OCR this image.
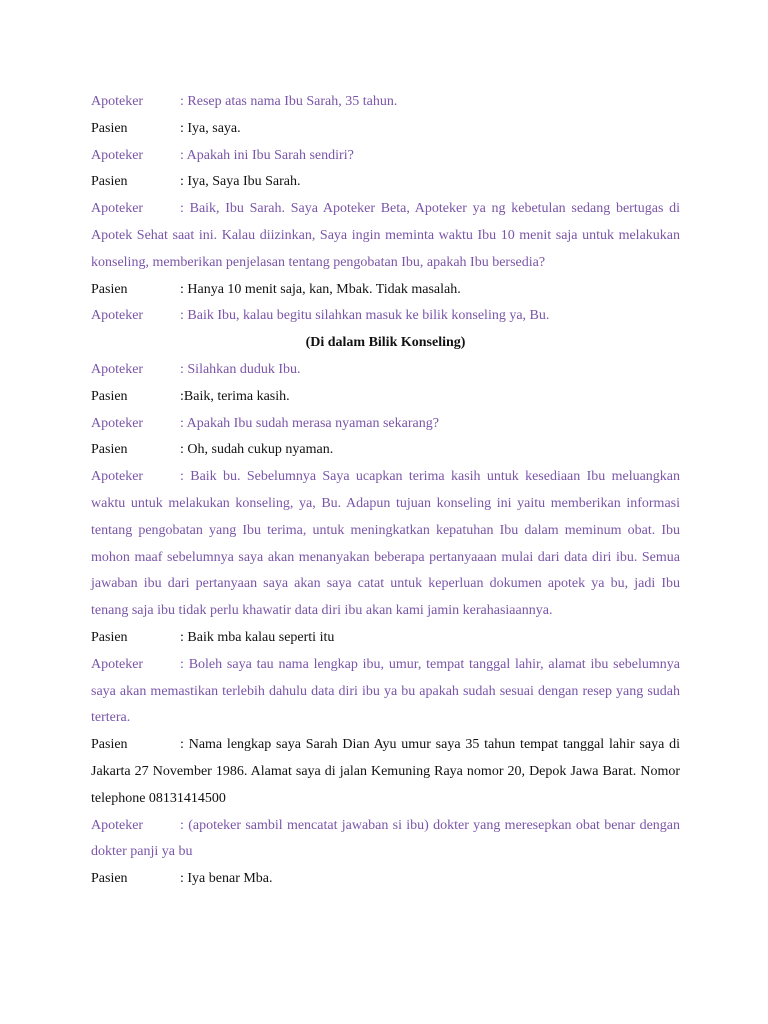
Apoteker	: Resep atas nama Ibu Sarah, 35 tahun.
Pasien	: Iya, saya.
Apoteker	: Apakah ini Ibu Sarah sendiri?
Pasien	: Iya, Saya Ibu Sarah.
Apoteker	: Baik, Ibu Sarah. Saya Apoteker Beta, Apoteker ya ng kebetulan sedang bertugas di Apotek Sehat saat ini. Kalau diizinkan, Saya ingin meminta waktu Ibu 10 menit saja untuk melakukan konseling, memberikan penjelasan tentang pengobatan Ibu, apakah Ibu bersedia?
Pasien	: Hanya 10 menit saja, kan, Mbak. Tidak masalah.
Apoteker	: Baik Ibu, kalau begitu silahkan masuk ke bilik konseling ya, Bu.
(Di dalam Bilik Konseling)
Apoteker	: Silahkan duduk Ibu.
Pasien	:Baik, terima kasih.
Apoteker	: Apakah Ibu sudah merasa nyaman sekarang?
Pasien	: Oh, sudah cukup nyaman.
Apoteker	: Baik bu. Sebelumnya Saya ucapkan terima kasih untuk kesediaan Ibu meluangkan waktu untuk melakukan konseling, ya, Bu. Adapun tujuan konseling ini yaitu memberikan informasi tentang pengobatan yang Ibu terima, untuk meningkatkan kepatuhan Ibu dalam meminum obat. Ibu mohon maaf sebelumnya saya akan menanyakan beberapa pertanyaaan mulai dari data diri ibu. Semua jawaban ibu dari pertanyaan saya akan saya catat untuk keperluan dokumen apotek ya bu, jadi Ibu tenang saja ibu tidak perlu khawatir data diri ibu akan kami jamin kerahasiaannya.
Pasien	: Baik mba kalau seperti itu
Apoteker	: Boleh saya tau nama lengkap ibu, umur, tempat tanggal lahir, alamat ibu sebelumnya saya akan memastikan terlebih dahulu data diri ibu ya bu apakah sudah sesuai dengan resep yang sudah tertera.
Pasien	: Nama lengkap saya Sarah Dian Ayu umur saya 35 tahun tempat tanggal lahir saya di Jakarta 27 November 1986. Alamat saya di jalan Kemuning Raya nomor 20, Depok Jawa Barat. Nomor telephone 08131414500
Apoteker	: (apoteker sambil mencatat jawaban si ibu) dokter yang meresepkan obat benar dengan dokter panji ya bu
Pasien	: Iya benar Mba.
